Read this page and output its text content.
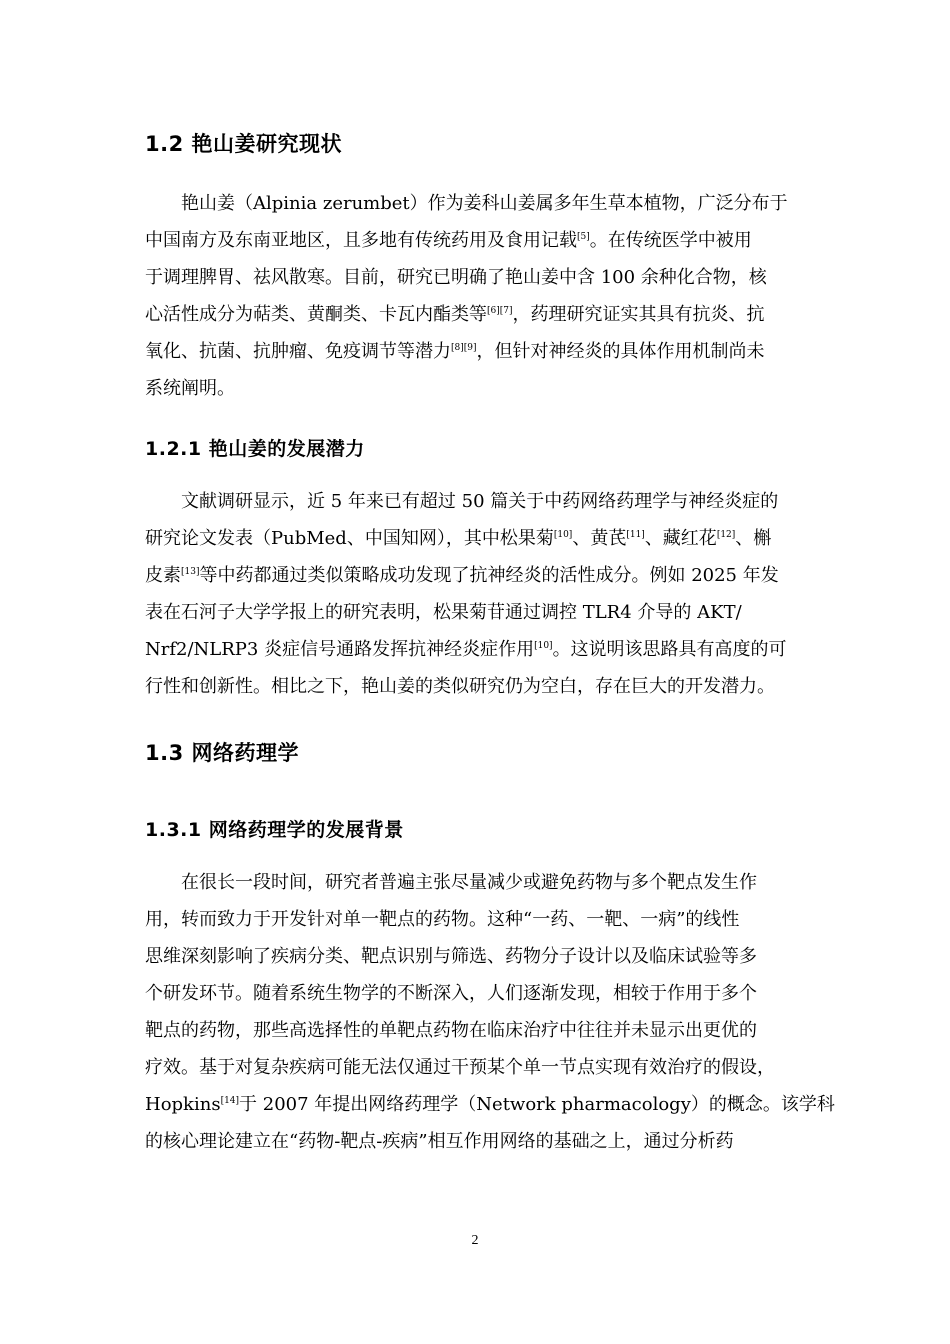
1.2 艳山姜研究现状
艳山姜（Alpinia zerumbet）作为姜科山姜属多年生草本植物，广泛分布于
中国南方及东南亚地区，且多地有传统药用及食用记载[5]。在传统医学中被用
于调理脾胃、祛风散寒。目前，研究已明确了艳山姜中含 100 余种化合物，核
心活性成分为萜类、黄酮类、卡瓦内酯类等[6][7]，药理研究证实其具有抗炎、抗
氧化、抗菌、抗肿瘤、免疫调节等潜力[8][9]，但针对神经炎的具体作用机制尚未
系统阐明。
1.2.1 艳山姜的发展潜力
文献调研显示，近 5 年来已有超过 50 篇关于中药网络药理学与神经炎症的
研究论文发表（PubMed、中国知网），其中松果菊[10]、黄芪[11]、藏红花[12]、槲
皮素[13]等中药都通过类似策略成功发现了抗神经炎的活性成分。例如 2025 年发
表在石河子大学学报上的研究表明，松果菊苷通过调控 TLR4 介导的 AKT/
Nrf2/NLRP3 炎症信号通路发挥抗神经炎症作用[10]。这说明该思路具有高度的可
行性和创新性。相比之下，艳山姜的类似研究仍为空白，存在巨大的开发潜力。
1.3 网络药理学
1.3.1 网络药理学的发展背景
在很长一段时间，研究者普遍主张尽量减少或避免药物与多个靶点发生作
用，转而致力于开发针对单一靶点的药物。这种“一药、一靶、一病”的线性
思维深刻影响了疾病分类、靶点识别与筛选、药物分子设计以及临床试验等多
个研发环节。随着系统生物学的不断深入，人们逐渐发现，相较于作用于多个
靶点的药物，那些高选择性的单靶点药物在临床治疗中往往并未显示出更优的
疗效。基于对复杂疾病可能无法仅通过干预某个单一节点实现有效治疗的假设，
Hopkins[14]于 2007 年提出网络药理学（Network pharmacology）的概念。该学科
的核心理论建立在“药物-靶点-疾病”相互作用网络的基础之上，通过分析药
2
